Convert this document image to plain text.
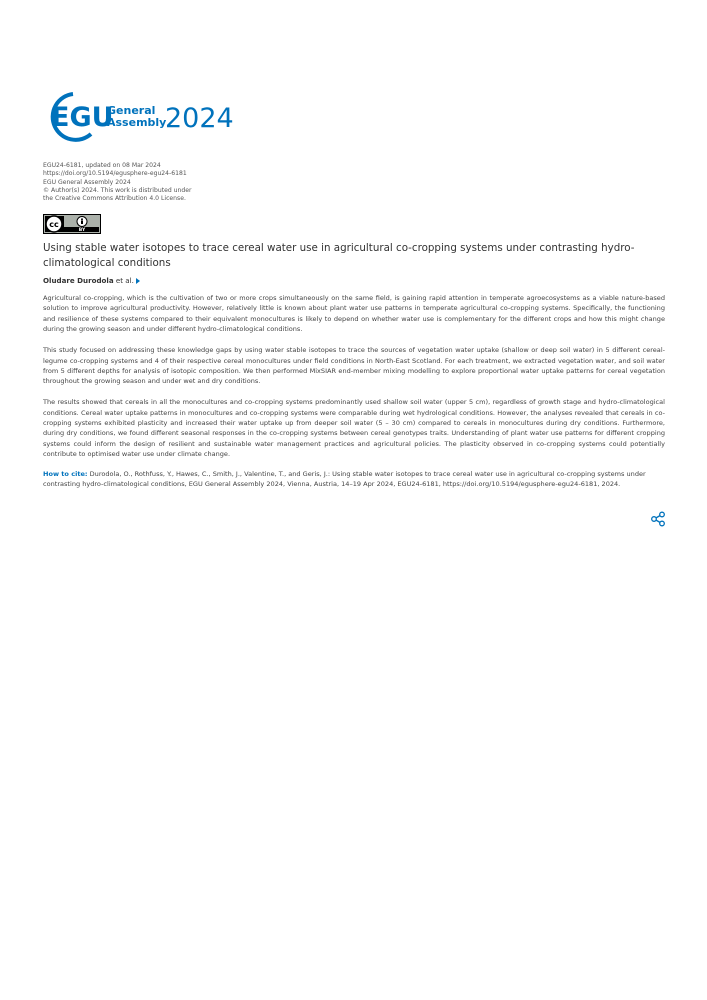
EGU
General
Assembly
2024
EGU24-6181, updated on 08 Mar 2024
https://doi.org/10.5194/egusphere-egu24-6181
EGU General Assembly 2024
© Author(s) 2024. This work is distributed under
the Creative Commons Attribution 4.0 License.
cc
BY
Using stable water isotopes to trace cereal water use in agricultural co-cropping systems under contrasting hydro-climatological conditions
Oludare Durodola et al.

Agricultural co-cropping, which is the cultivation of two or more crops simultaneously on the same field, is gaining rapid attention in temperate agroecosystems as a viable nature-based solution to improve agricultural productivity. However, relatively little is known about plant water use patterns in temperate agricultural co-cropping systems. Specifically, the functioning and resilience of these systems compared to their equivalent monocultures is likely to depend on whether water use is complementary for the different crops and how this might change during the growing season and under different hydro-climatological conditions.

This study focused on addressing these knowledge gaps by using water stable isotopes to trace the sources of vegetation water uptake (shallow or deep soil water) in 5 different cereal-legume co-cropping systems and 4 of their respective cereal monocultures under field conditions in North-East Scotland. For each treatment, we extracted vegetation water, and soil water from 5 different depths for analysis of isotopic composition. We then performed MixSIAR end-member mixing modelling to explore proportional water uptake patterns for cereal vegetation throughout the growing season and under wet and dry conditions.

The results showed that cereals in all the monocultures and co-cropping systems predominantly used shallow soil water (upper 5 cm), regardless of growth stage and hydro-climatological conditions. Cereal water uptake patterns in monocultures and co-cropping systems were comparable during wet hydrological conditions. However, the analyses revealed that cereals in co-cropping systems exhibited plasticity and increased their water uptake up from deeper soil water (5 – 30 cm) compared to cereals in monocultures during dry conditions. Furthermore, during dry conditions, we found different seasonal responses in the co-cropping systems between cereal genotypes traits. Understanding of plant water use patterns for different cropping systems could inform the design of resilient and sustainable water management practices and agricultural policies. The plasticity observed in co-cropping systems could potentially contribute to optimised water use under climate change.

How to cite: Durodola, O., Rothfuss, Y., Hawes, C., Smith, J., Valentine, T., and Geris, J.: Using stable water isotopes to trace cereal water use in agricultural co-cropping systems under contrasting hydro-climatological conditions, EGU General Assembly 2024, Vienna, Austria, 14–19 Apr 2024, EGU24-6181, https://doi.org/10.5194/egusphere-egu24-6181, 2024.
